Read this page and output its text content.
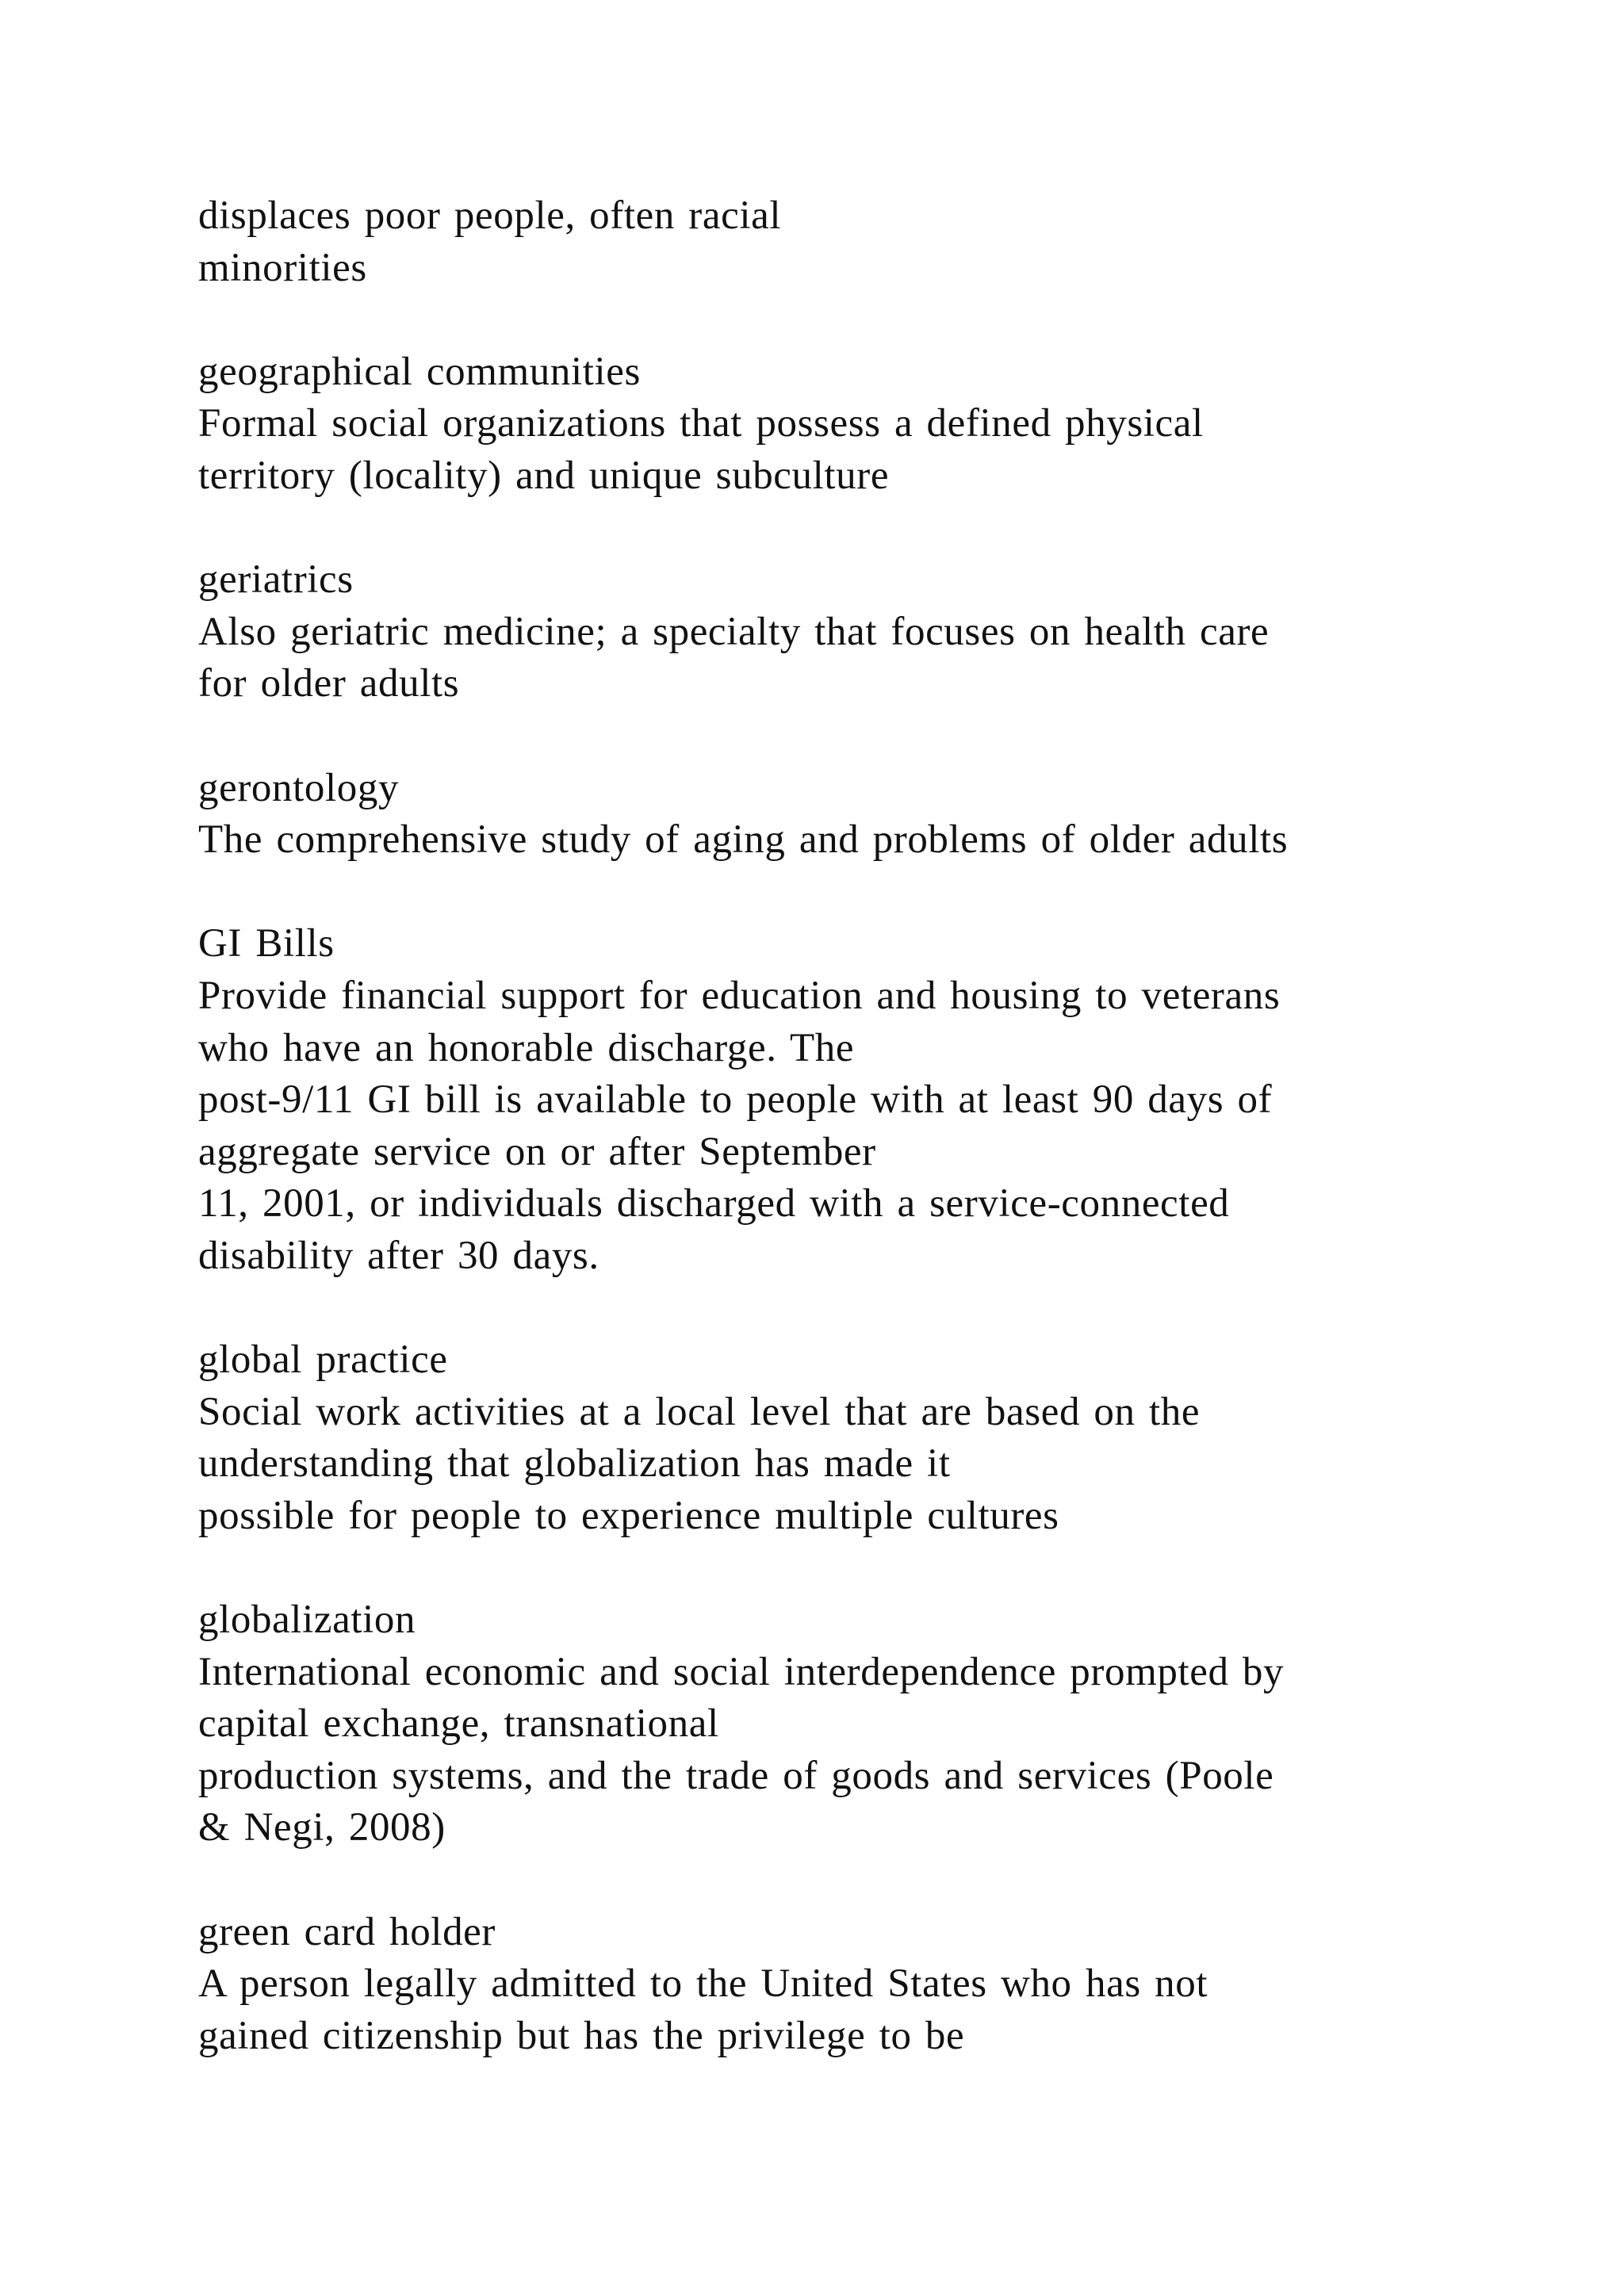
displaces poor people, often racial
minorities
geographical communities
Formal social organizations that possess a defined physical
territory (locality) and unique subculture
geriatrics
Also geriatric medicine; a specialty that focuses on health care
for older adults
gerontology
The comprehensive study of aging and problems of older adults
GI Bills
Provide financial support for education and housing to veterans
who have an honorable discharge. The
post-9/11 GI bill is available to people with at least 90 days of
aggregate service on or after September
11, 2001, or individuals discharged with a service-connected
disability after 30 days.
global practice
Social work activities at a local level that are based on the
understanding that globalization has made it
possible for people to experience multiple cultures
globalization
International economic and social interdependence prompted by
capital exchange, transnational
production systems, and the trade of goods and services (Poole
& Negi, 2008)
green card holder
A person legally admitted to the United States who has not
gained citizenship but has the privilege to be
